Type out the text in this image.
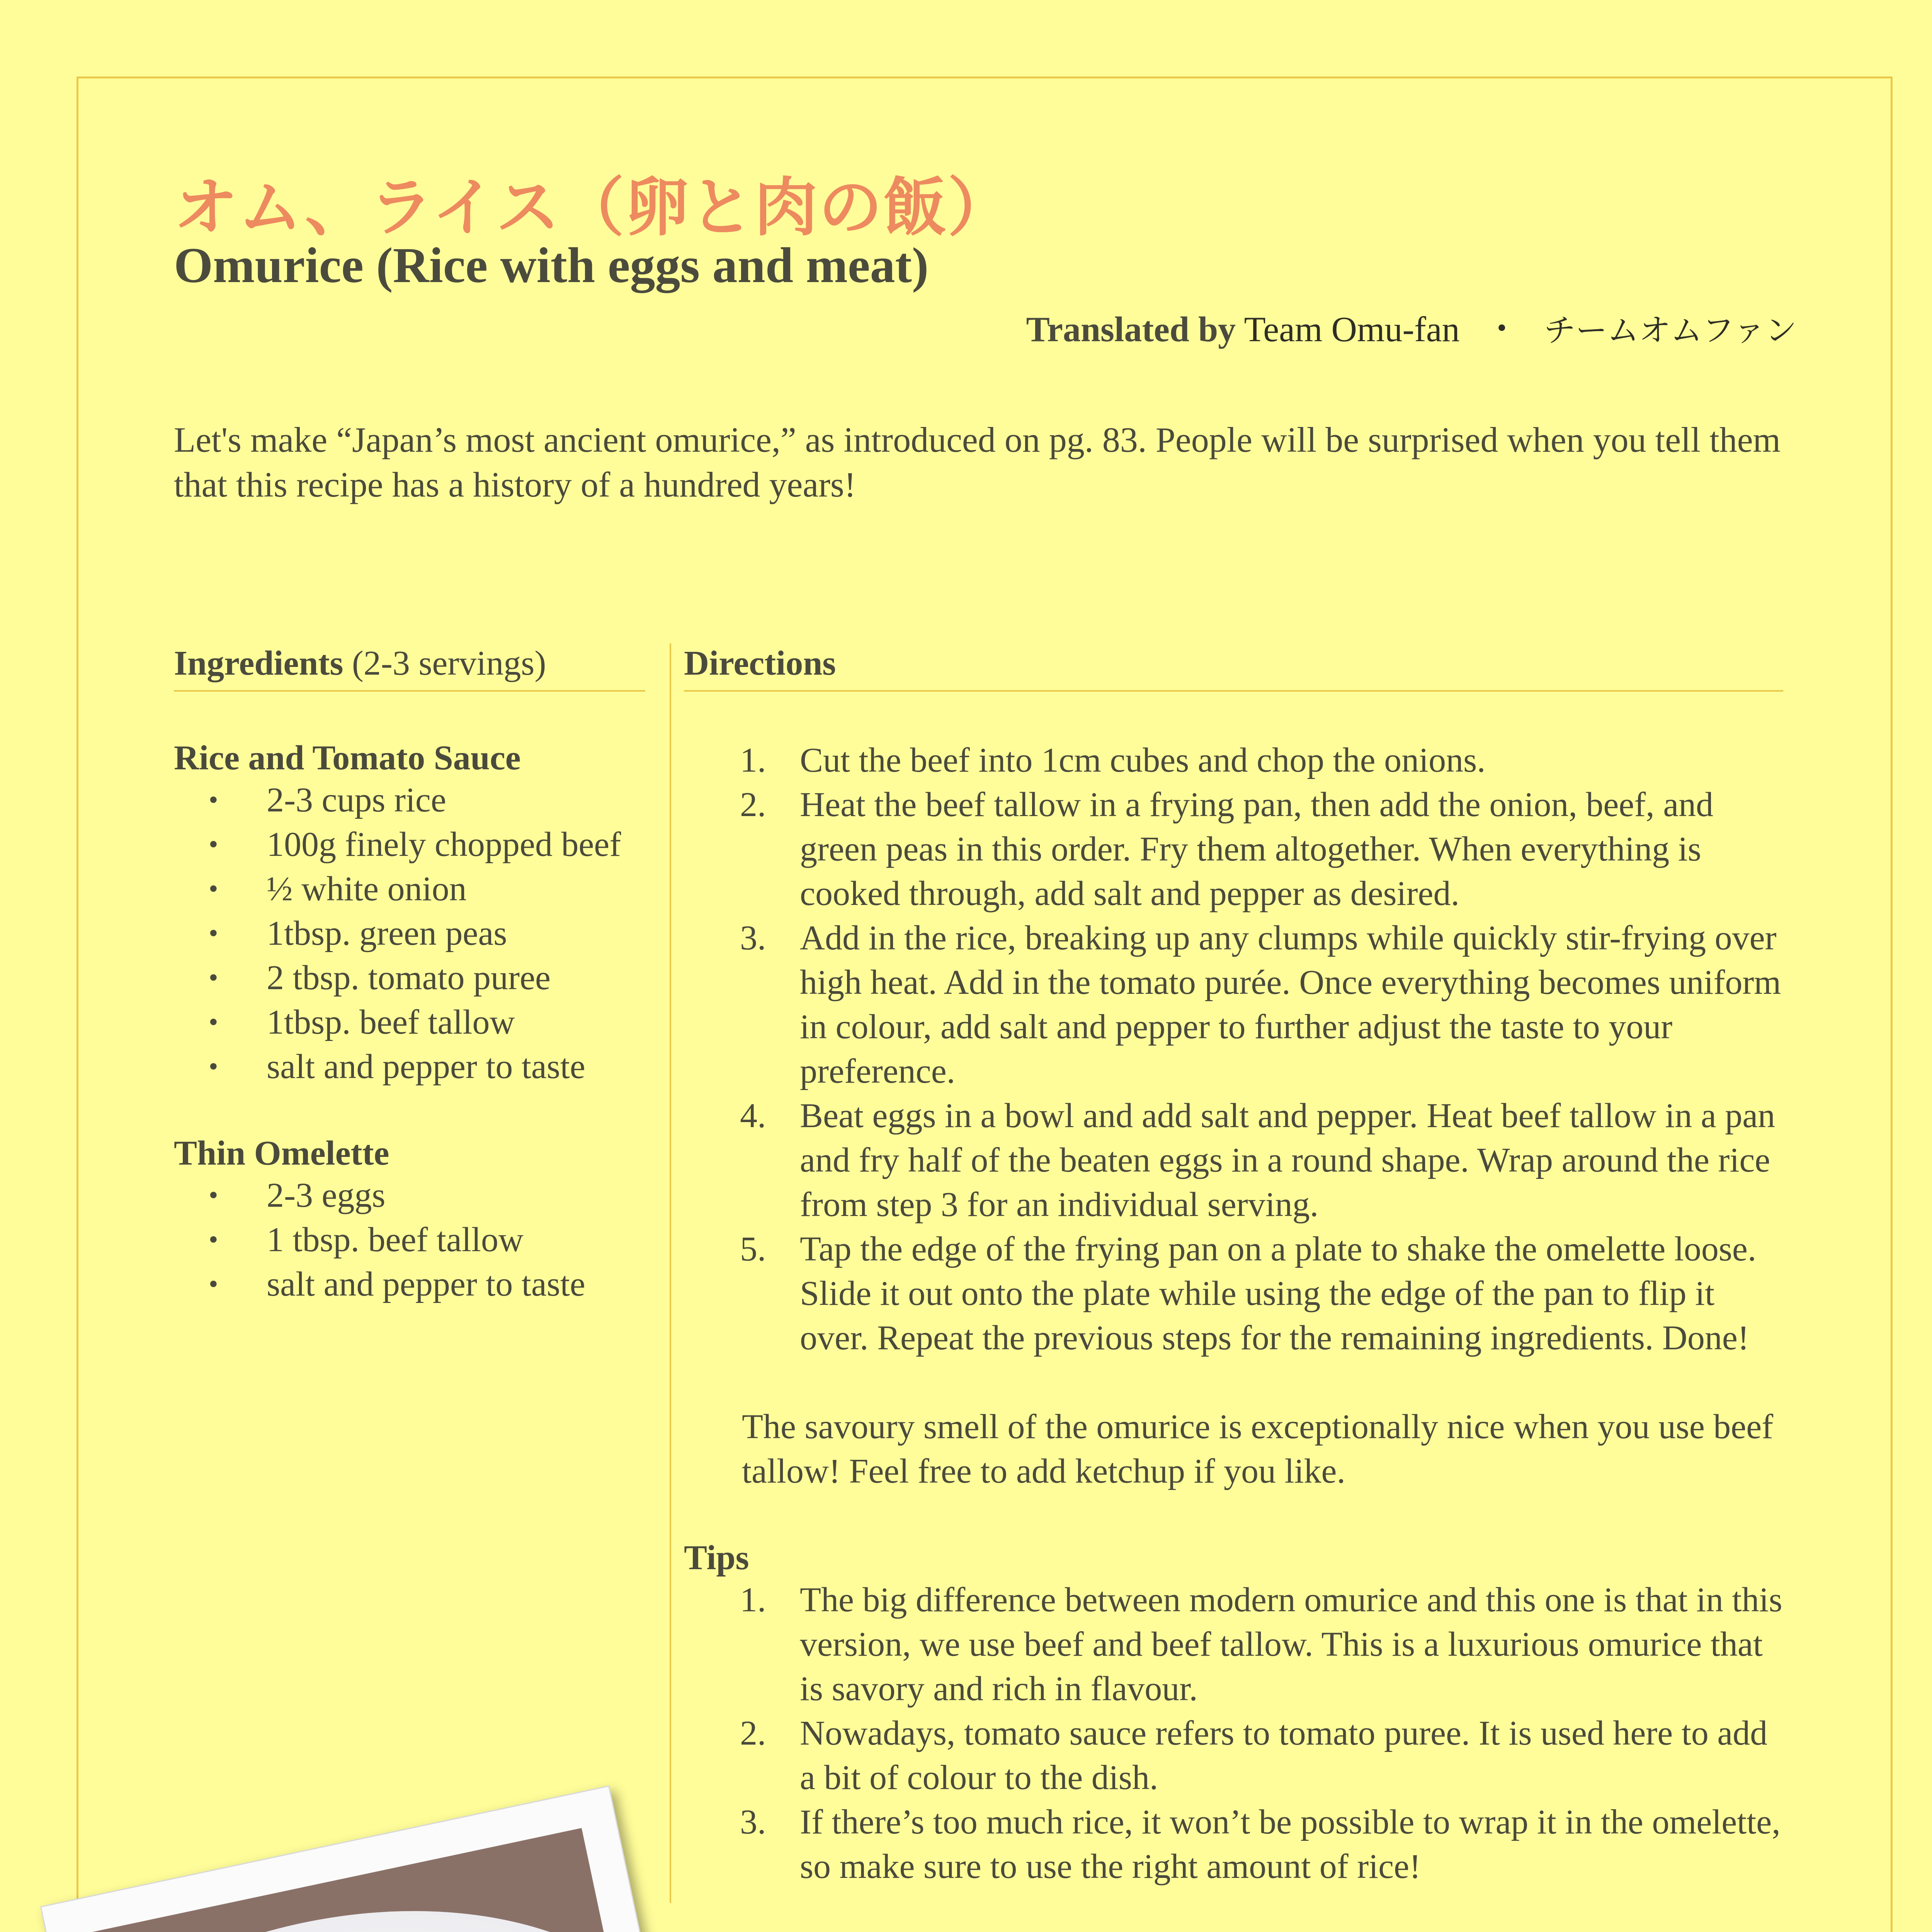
オム、ライス（卵と肉の飯）
Omurice (Rice with eggs and meat)
Translated by Team Omu-fan ・ チームオムファン
Let's make “Japan’s most ancient omurice,” as introduced on pg. 83. People will be surprised when you tell them that this recipe has a history of a hundred years!
Ingredients (2-3 servings)
Rice and Tomato Sauce
• 2-3 cups rice
• 100g finely chopped beef
• ½ white onion
• 1tbsp. green peas
• 2 tbsp. tomato puree
• 1tbsp. beef tallow
• salt and pepper to taste
Thin Omelette
• 2-3 eggs
• 1 tbsp. beef tallow
• salt and pepper to taste
Directions
1. Cut the beef into 1cm cubes and chop the onions.
2. Heat the beef tallow in a frying pan, then add the onion, beef, and green peas in this order. Fry them altogether. When everything is cooked through, add salt and pepper as desired.
3. Add in the rice, breaking up any clumps while quickly stir-frying over high heat. Add in the tomato purée. Once everything becomes uniform in colour, add salt and pepper to further adjust the taste to your preference.
4. Beat eggs in a bowl and add salt and pepper. Heat beef tallow in a pan and fry half of the beaten eggs in a round shape. Wrap around the rice from step 3 for an individual serving.
5. Tap the edge of the frying pan on a plate to shake the omelette loose. Slide it out onto the plate while using the edge of the pan to flip it over. Repeat the previous steps for the remaining ingredients. Done!
The savoury smell of the omurice is exceptionally nice when you use beef tallow! Feel free to add ketchup if you like.
Tips
1. The big difference between modern omurice and this one is that in this version, we use beef and beef tallow. This is a luxurious omurice that is savory and rich in flavour.
2. Nowadays, tomato sauce refers to tomato puree. It is used here to add a bit of colour to the dish.
3. If there’s too much rice, it won’t be possible to wrap it in the omelette, so make sure to use the right amount of rice!
